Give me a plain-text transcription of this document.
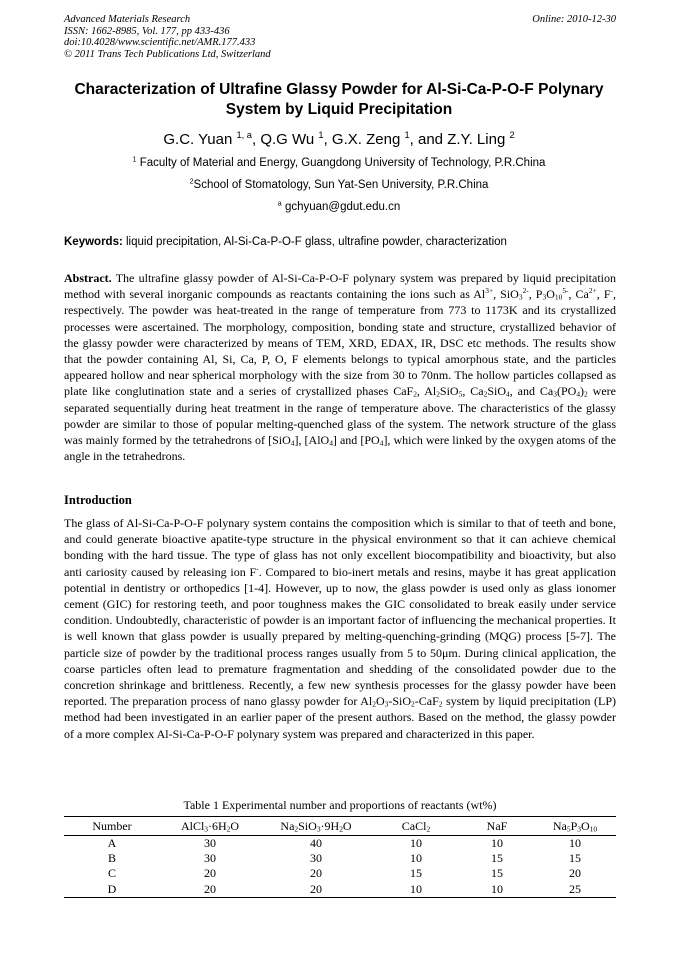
Advanced Materials Research
ISSN: 1662-8985, Vol. 177, pp 433-436
doi:10.4028/www.scientific.net/AMR.177.433
© 2011 Trans Tech Publications Ltd, Switzerland
Online: 2010-12-30
Characterization of Ultrafine Glassy Powder for Al-Si-Ca-P-O-F Polynary
System by Liquid Precipitation
G.C. Yuan $^{1, a}$, Q.G Wu $^1$, G.X. Zeng $^1$, and Z.Y. Ling $^2$
$^1$ Faculty of Material and Energy, Guangdong University of Technology, P.R.China
$^2$School of Stomatology, Sun Yat-Sen University, P.R.China
$^a$ gchyuan@gdut.edu.cn
Keywords: liquid precipitation, Al-Si-Ca-P-O-F glass, ultrafine powder, characterization
Abstract. The ultrafine glassy powder of Al-Si-Ca-P-O-F polynary system was prepared by liquid precipitation method with several inorganic compounds as reactants containing the ions such as $Al^{3+}$, SiO$_3^{2-}$, $P_3O_{10}^{5-}$, $Ca^{2+}$, F-, respectively. The powder was heat-treated in the range of temperature from 773 to 1173K and its crystallized processes were ascertained. The morphology, composition, bonding state and structure, crystallized behavior of the glassy powder were characterized by means of TEM, XRD, EDAX, IR, DSC etc methods. The results show that the powder containing Al, Si, Ca, P, O, F elements belongs to typical amorphous state, and the particles appeared hollow and near spherical morphology with the size from 30 to 70nm. The hollow particles collapsed as plate like conglutination state and a series of crystallized phases CaF$_2$, $Al_2SiO_5$, $Ca_2SiO_4$, and $Ca_3(PO_4)_2$ were separated sequentially during heat treatment in the range of temperature above. The characteristics of the glassy powder are similar to those of popular melting-quenched glass of the system. The network structure of the glass was mainly formed by the tetrahedrons of [SiO$_4$], [AlO$_4$] and $[PO_4]$, which were linked by the oxygen atoms of the angle in the tetrahedrons.
Introduction
The glass of Al-Si-Ca-P-O-F polynary system contains the composition which is similar to that of teeth and bone, and could generate bioactive apatite-type structure in the physical environment so that it can achieve chemical bonding with the hard tissue. The type of glass has not only excellent biocompatibility and bioactivity, but also anti cariosity caused by releasing ion F-. Compared to bio-inert metals and resins, maybe it has great application potential in dentistry or orthopedics [1-4]. However, up to now, the glass powder is used only as glass ionomer cement (GIC) for restoring teeth, and poor toughness makes the GIC consolidated to break easily under service condition. Undoubtedly, characteristic of powder is an important factor of influencing the mechanical properties. It is well known that glass powder is usually prepared by melting-quenching-grinding (MQG) process [5-7]. The particle size of powder by the traditional process ranges usually from 5 to 50μm. During clinical application, the coarse particles often lead to premature fragmentation and shedding of the consolidated powder due to the concretion shrinkage and brittleness. Recently, a few new synthesis processes for the glassy powder have been reported. The preparation process of nano glassy powder for $Al_2O_3-SiO_2-CaF_2$ system by liquid precipitation (LP) method had been investigated in an earlier paper of the present authors. Based on the method, the glassy powder of a more complex Al-Si-Ca-P-O-F polynary system was prepared and characterized in this paper.
Table 1 Experimental number and proportions of reactants (wt%)
Number	$AlCl_3\cdot 6H_2O$	$Na_2SiO_3\cdot 9H_2O$	CaCl$_2$	NaF	$Na_5P_3O_{10}$
A	30	40	10	10	10
B	30	30	10	15	15
C	20	20	15	15	20
D	20	20	10	10	25
